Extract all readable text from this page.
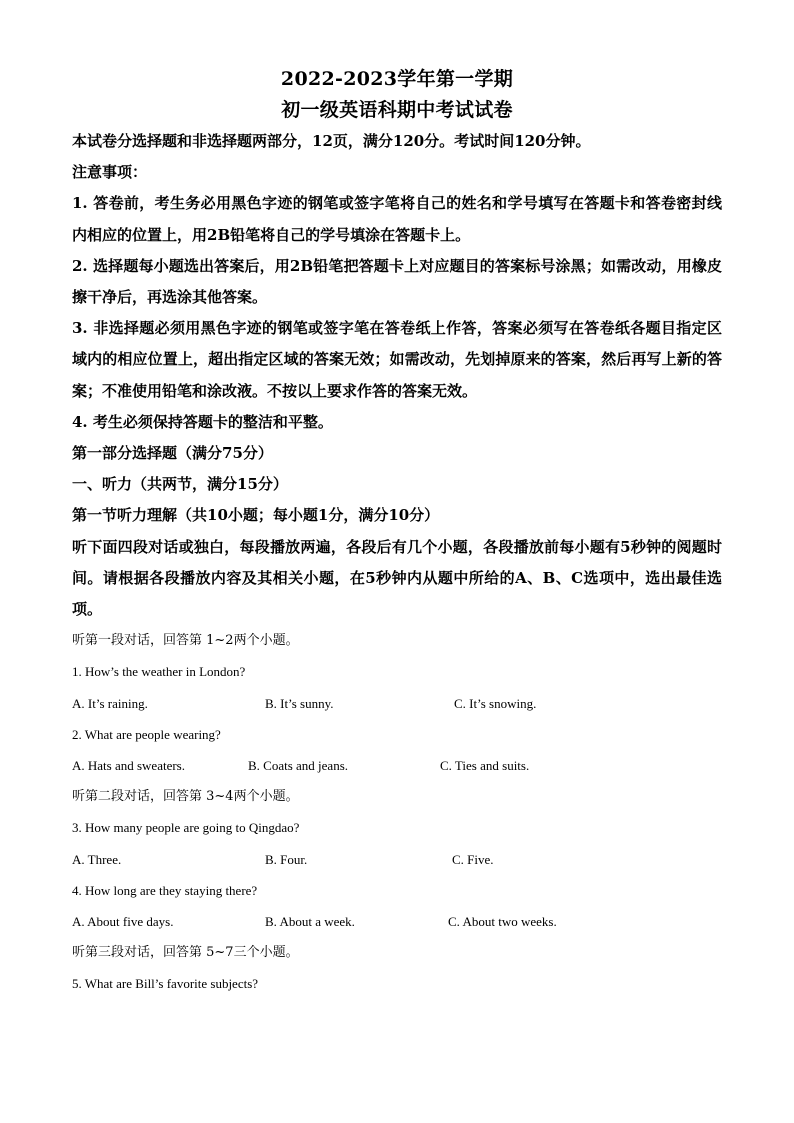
2022-2023学年第一学期
初一级英语科期中考试试卷
本试卷分选择题和非选择题两部分，12页，满分120分。考试时间120分钟。
注意事项：
1. 答卷前，考生务必用黑色字迹的钢笔或签字笔将自己的姓名和学号填写在答题卡和答卷密封线内相应的位置上，用2B铅笔将自己的学号填涂在答题卡上。
2. 选择题每小题选出答案后，用2B铅笔把答题卡上对应题目的答案标号涂黑；如需改动，用橡皮擦干净后，再选涂其他答案。
3. 非选择题必须用黑色字迹的钢笔或签字笔在答卷纸上作答，答案必须写在答卷纸各题目指定区域内的相应位置上，超出指定区域的答案无效；如需改动，先划掉原来的答案，然后再写上新的答案；不准使用铅笔和涂改液。不按以上要求作答的答案无效。
4. 考生必须保持答题卡的整洁和平整。
第一部分选择题（满分75分）
一、听力（共两节，满分15分）
第一节听力理解（共10小题；每小题1分，满分10分）
听下面四段对话或独白，每段播放两遍，各段后有几个小题，各段播放前每小题有5秒钟的阅题时间。请根据各段播放内容及其相关小题，在5秒钟内从题中所给的A、B、C选项中，选出最佳选项。
听第一段对话，回答第 1~2两个小题。
1. How’s the weather in London?
A. It’s raining.	B. It’s sunny.	C. It’s snowing.
2. What are people wearing?
A. Hats and sweaters.	B. Coats and jeans.	C. Ties and suits.
听第二段对话，回答第 3~4两个小题。
3. How many people are going to Qingdao?
A. Three.	B. Four.	C. Five.
4. How long are they staying there?
A. About five days.	B. About a week.	C. About two weeks.
听第三段对话，回答第 5~7三个小题。
5. What are Bill’s favorite subjects?
